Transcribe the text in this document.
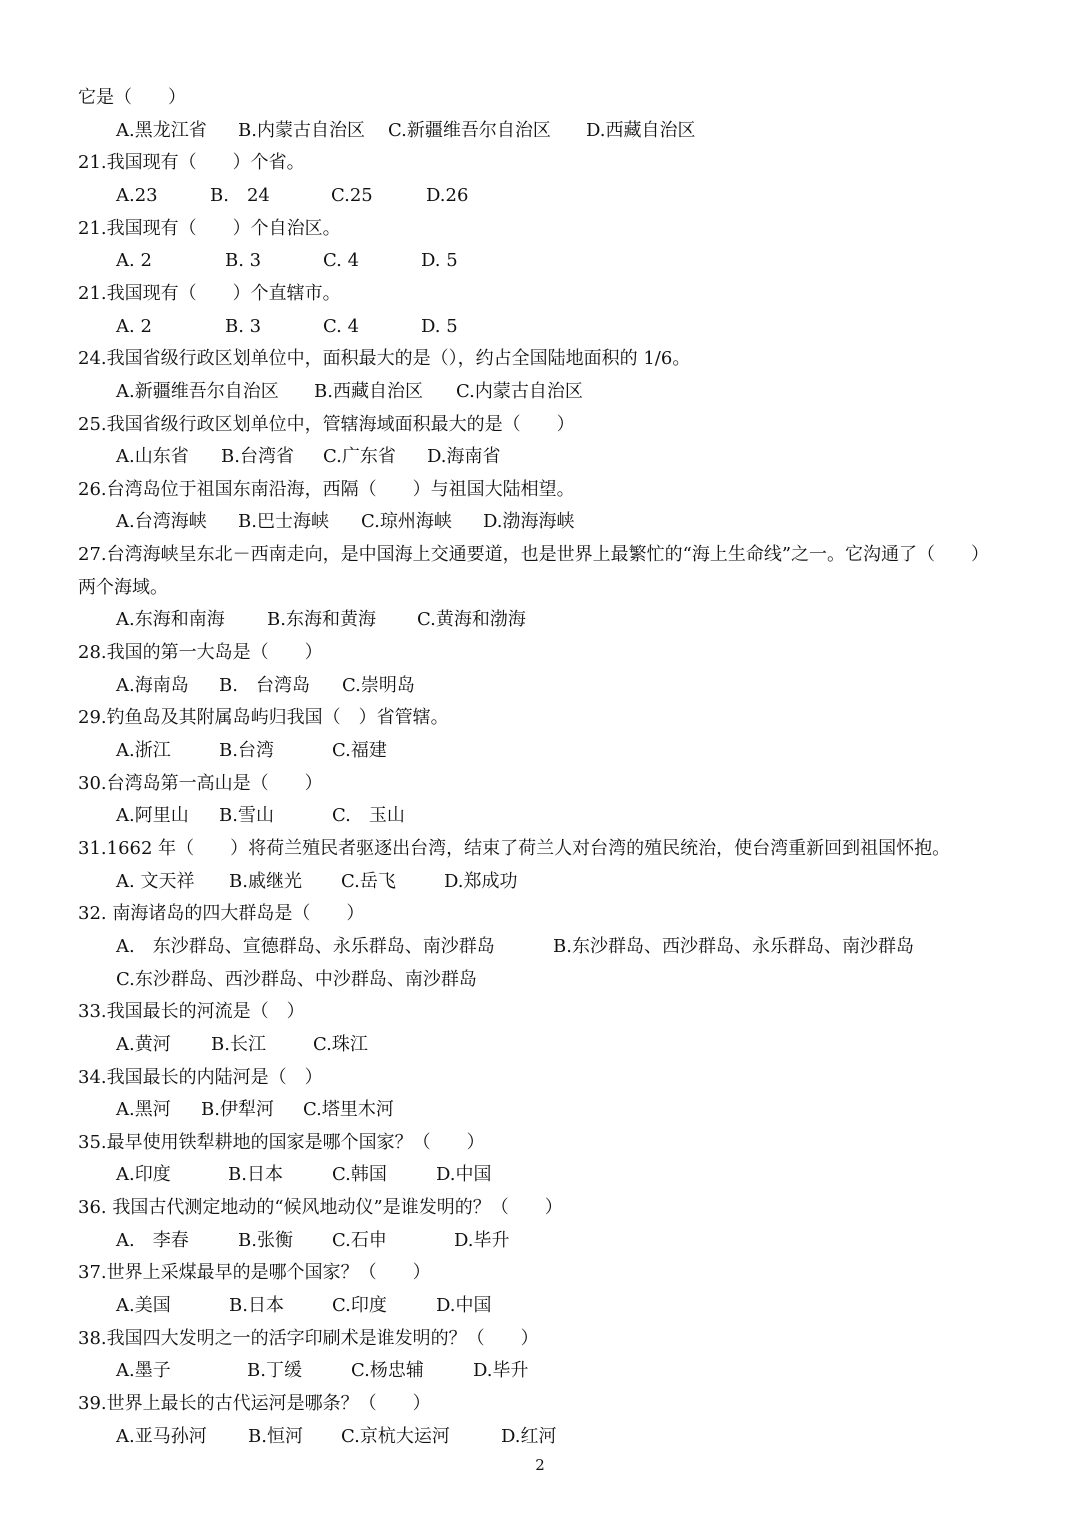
它是（　　）
A.黑龙江省 B.内蒙古自治区 C.新疆维吾尔自治区 D.西藏自治区
21.我国现有（　　）个省。
A.23	B.　24	C.25	D.26
21.我国现有（　　）个自治区。
A. 2	B. 3	C. 4	D. 5
21.我国现有（　　）个直辖市。
A. 2	B. 3	C. 4	D. 5
24.我国省级行政区划单位中，面积最大的是（），约占全国陆地面积的 1/6。
A.新疆维吾尔自治区 B.西藏自治区 C.内蒙古自治区
25.我国省级行政区划单位中，管辖海域面积最大的是（　　）
A.山东省 B.台湾省 C.广东省 D.海南省
26.台湾岛位于祖国东南沿海，西隔（　　）与祖国大陆相望。
A.台湾海峡 B.巴士海峡 C.琼州海峡 D.渤海海峡
27.台湾海峡呈东北－西南走向，是中国海上交通要道，也是世界上最繁忙的“海上生命线”之一。它沟通了（　　）
两个海域。
A.东海和南海 B.东海和黄海 C.黄海和渤海
28.我国的第一大岛是（　　）
A.海南岛 B.　台湾岛 C.崇明岛
29.钓鱼岛及其附属岛屿归我国（　）省管辖。
A.浙江	B.台湾	C.福建
30.台湾岛第一高山是（　　）
A.阿里山 B.雪山	C.　玉山
31.1662 年（　　）将荷兰殖民者驱逐出台湾，结束了荷兰人对台湾的殖民统治，使台湾重新回到祖国怀抱。
A. 文天祥 B.戚继光 C.岳飞	D.郑成功
32. 南海诸岛的四大群岛是（　　）
A.　东沙群岛、宣德群岛、永乐群岛、南沙群岛	B.东沙群岛、西沙群岛、永乐群岛、南沙群岛
C.东沙群岛、西沙群岛、中沙群岛、南沙群岛
33.我国最长的河流是（　）
A.黄河 B.长江	C.珠江
34.我国最长的内陆河是（　）
A.黑河 B.伊犁河 C.塔里木河
35.最早使用铁犁耕地的国家是哪个国家？（　　）
A.印度	B.日本	C.韩国	D.中国
36. 我国古代测定地动的“候风地动仪”是谁发明的？（　　）
A.　李春	B.张衡 C.石申	D.毕升
37.世界上采煤最早的是哪个国家？（　　）
A.美国	B.日本	C.印度	D.中国
38.我国四大发明之一的活字印刷术是谁发明的？（　　）
A.墨子	B.丁缓	C.杨忠辅	D.毕升
39.世界上最长的古代运河是哪条？（　　）
A.亚马孙河 B.恒河 C.京杭大运河	D.红河
2
